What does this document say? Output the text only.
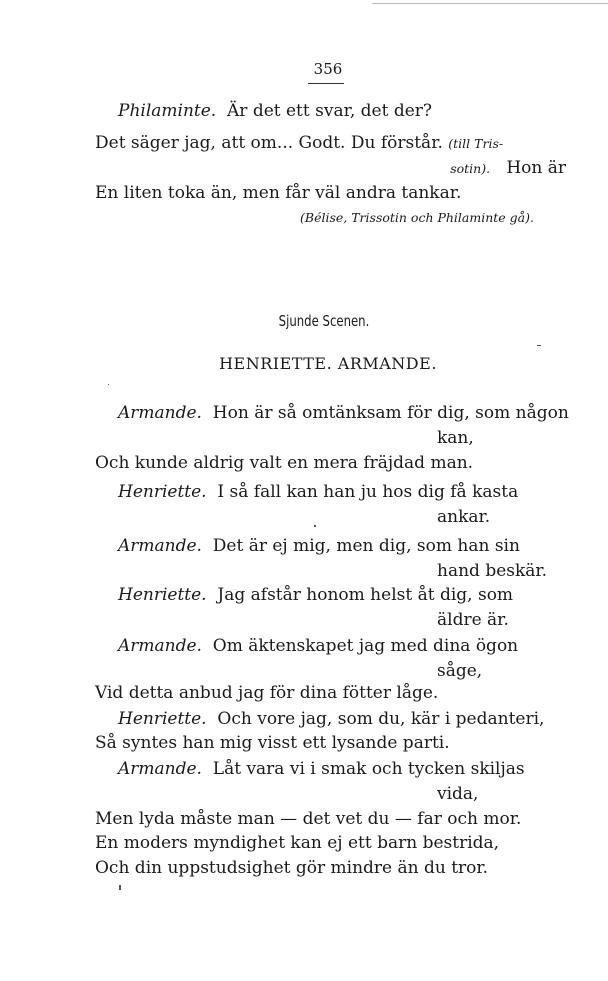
356
Philaminte. Är det ett svar, det der?
Det säger jag, att om... Godt. Du förstår. (till Tris-
sotin). Hon är
En liten toka än, men får väl andra tankar.
(Bélise, Trissotin och Philaminte gå).
Sjunde Scenen.
HENRIETTE. ARMANDE.
Armande. Hon är så omtänksam för dig, som någon
kan,
Och kunde aldrig valt en mera fräjdad man.
Henriette. I så fall kan han ju hos dig få kasta
ankar.
Armande. Det är ej mig, men dig, som han sin
hand beskär.
Henriette. Jag afstår honom helst åt dig, som
äldre är.
Armande. Om äktenskapet jag med dina ögon
såge,
Vid detta anbud jag för dina fötter låge.
Henriette. Och vore jag, som du, kär i pedanteri,
Så syntes han mig visst ett lysande parti.
Armande. Låt vara vi i smak och tycken skiljas
vida,
Men lyda måste man — det vet du — far och mor.
En moders myndighet kan ej ett barn bestrida,
Och din uppstudsighet gör mindre än du tror.
